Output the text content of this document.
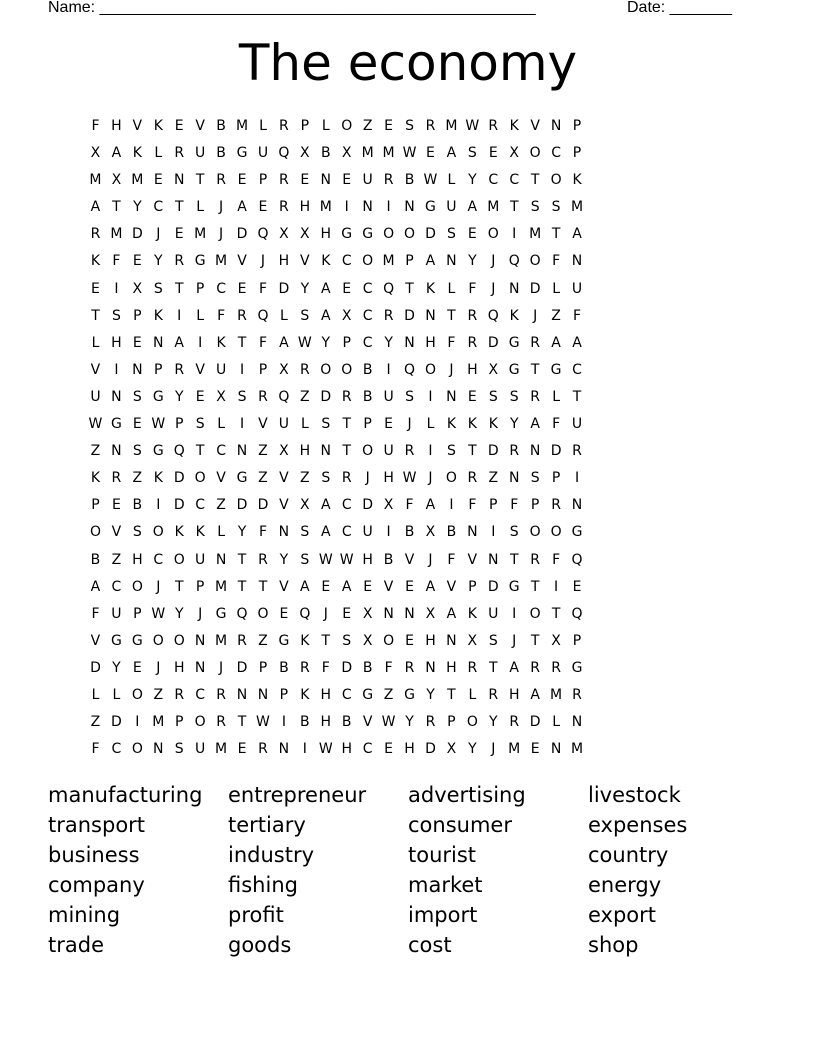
Name: _________________________________________________	Date: _______
The economy
F H V K E V B M L R P L O Z E S R M W R K V N P
X A K L R U B G U Q X B X M M W E A S E X O C P
M X M E N T R E P R E N E U R B W L Y C C T O K
A T Y C T L	J	A E R H M I N I N G U A M T S S M
R M D J	E M J D Q X X H G G O O D S E O I M T A
K F E Y R G M V	J H V K C O M P A N Y	J Q O F N
E	I	X S T P C E F D Y A E C Q T K L F	J N D L U
T S P K	I	L F R Q L S A X C R D N T R Q K	J	Z F
L H E N A	I	K T F A W Y P C Y N H F R D G R A A
V	I N P R V U I	P X R O O B	I Q O J H X G T G C
U N S G Y E X S R Q Z D R B U S	I N E S S R L T
W G E W P S L	I	V U L S T P E	J	L K K K Y A F U
Z N S G Q T C N Z X H N T O U R	I	S T D R N D R
K R Z K D O V G Z V Z S R	J H W J O R Z N S P	I
P E B	I D C Z D D V X A C D X F A	I	F P F P R N
O V S O K K L Y F N S A C U I	B X B N I	S O O G
B Z H C O U N T R Y S W W H B V	J	F V N T R F Q
A C O J	T P M T T V A E A E V E A V P D G T	I	E
F U P W Y	J G Q O E Q J	E X N N X A K U I O T Q
V G G O O N M R Z G K T S X O E H N X S	J	T X P
D Y E	J H N J D P B R F D B F R N H R T A R R G
L L O Z R C R N N P K H C G Z G Y T L R H A M R
Z D I M P O R T W I	B H B V W Y R P O Y R D L N
F C O N S U M E R N I W H C E H D X Y	J M E N M
manufacturing	entrepreneur	advertising	livestock
transport	tertiary	consumer	expenses
business	industry	tourist	country
company	fishing	market	energy
mining	profit	import	export
trade	goods	cost	shop
